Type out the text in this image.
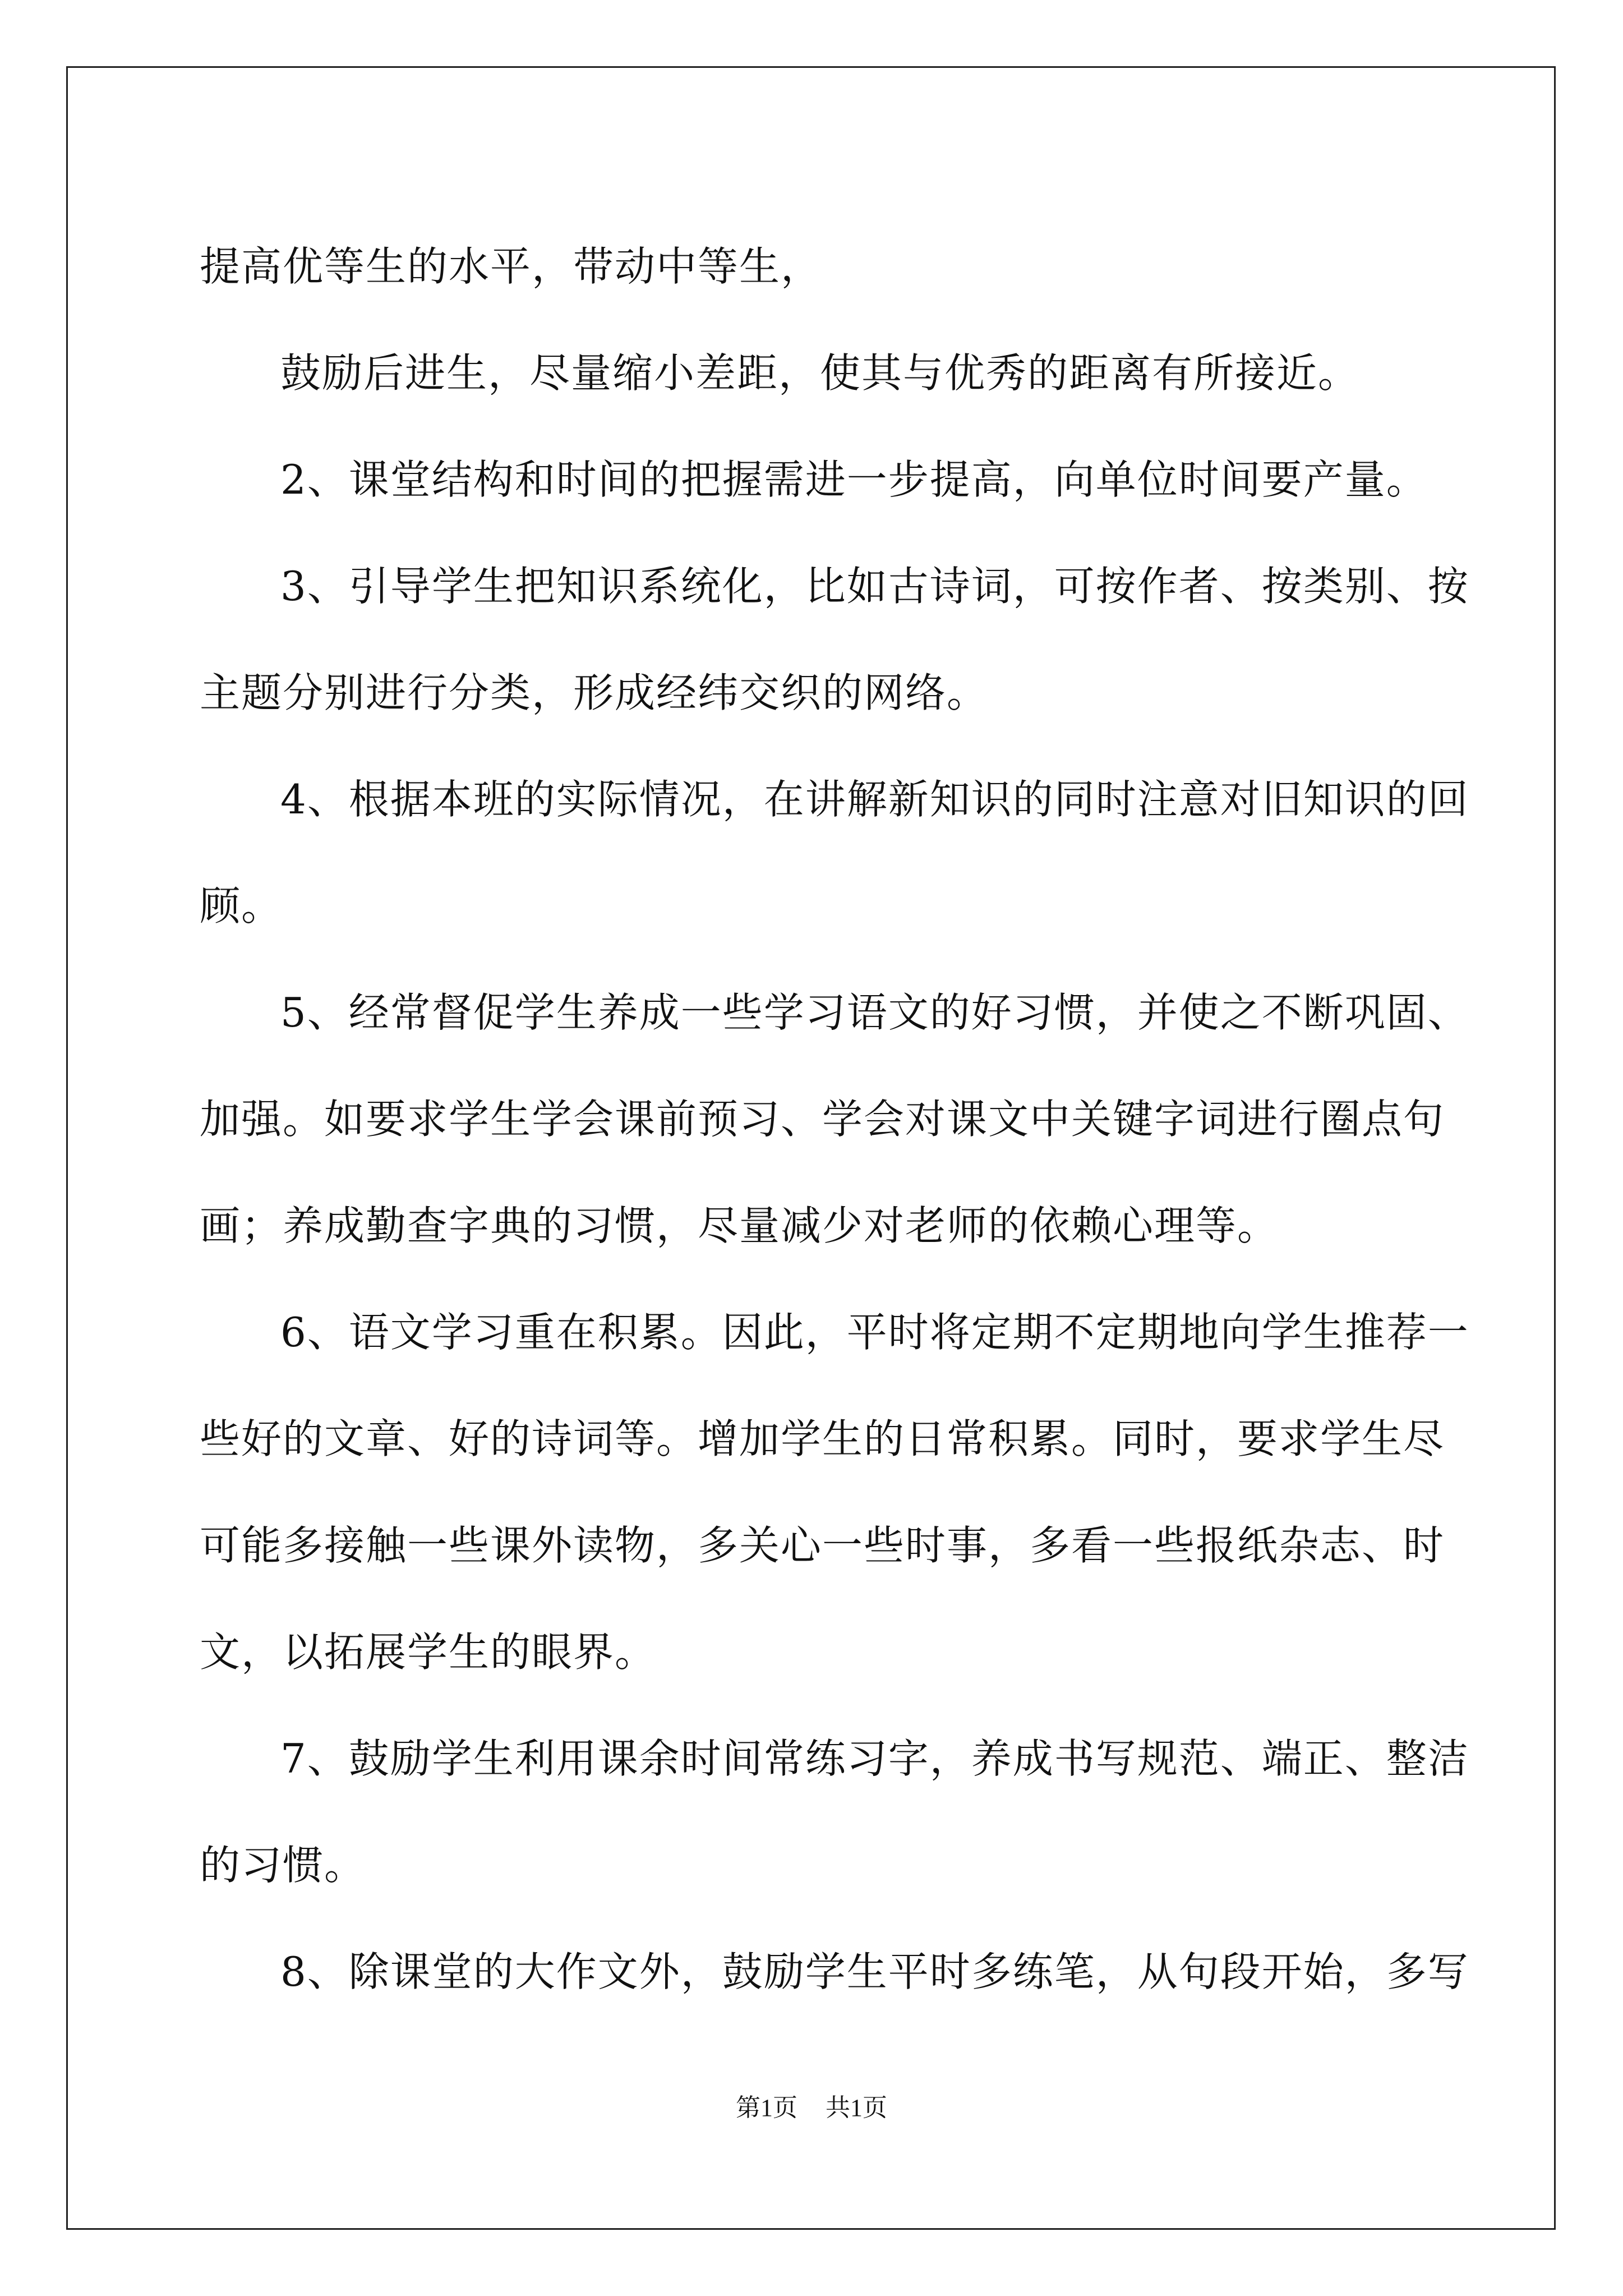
提高优等生的水平，带动中等生，
鼓励后进生，尽量缩小差距，使其与优秀的距离有所接近。
2、课堂结构和时间的把握需进一步提高，向单位时间要产量。
3、引导学生把知识系统化，比如古诗词，可按作者、按类别、按
主题分别进行分类，形成经纬交织的网络。
4、根据本班的实际情况，在讲解新知识的同时注意对旧知识的回
顾。
5、经常督促学生养成一些学习语文的好习惯，并使之不断巩固、
加强。如要求学生学会课前预习、学会对课文中关键字词进行圈点句
画；养成勤查字典的习惯，尽量减少对老师的依赖心理等。
6、语文学习重在积累。因此，平时将定期不定期地向学生推荐一
些好的文章、好的诗词等。增加学生的日常积累。同时，要求学生尽
可能多接触一些课外读物，多关心一些时事，多看一些报纸杂志、时
文，以拓展学生的眼界。
7、鼓励学生利用课余时间常练习字，养成书写规范、端正、整洁
的习惯。
8、除课堂的大作文外，鼓励学生平时多练笔，从句段开始，多写
第1页 共1页
